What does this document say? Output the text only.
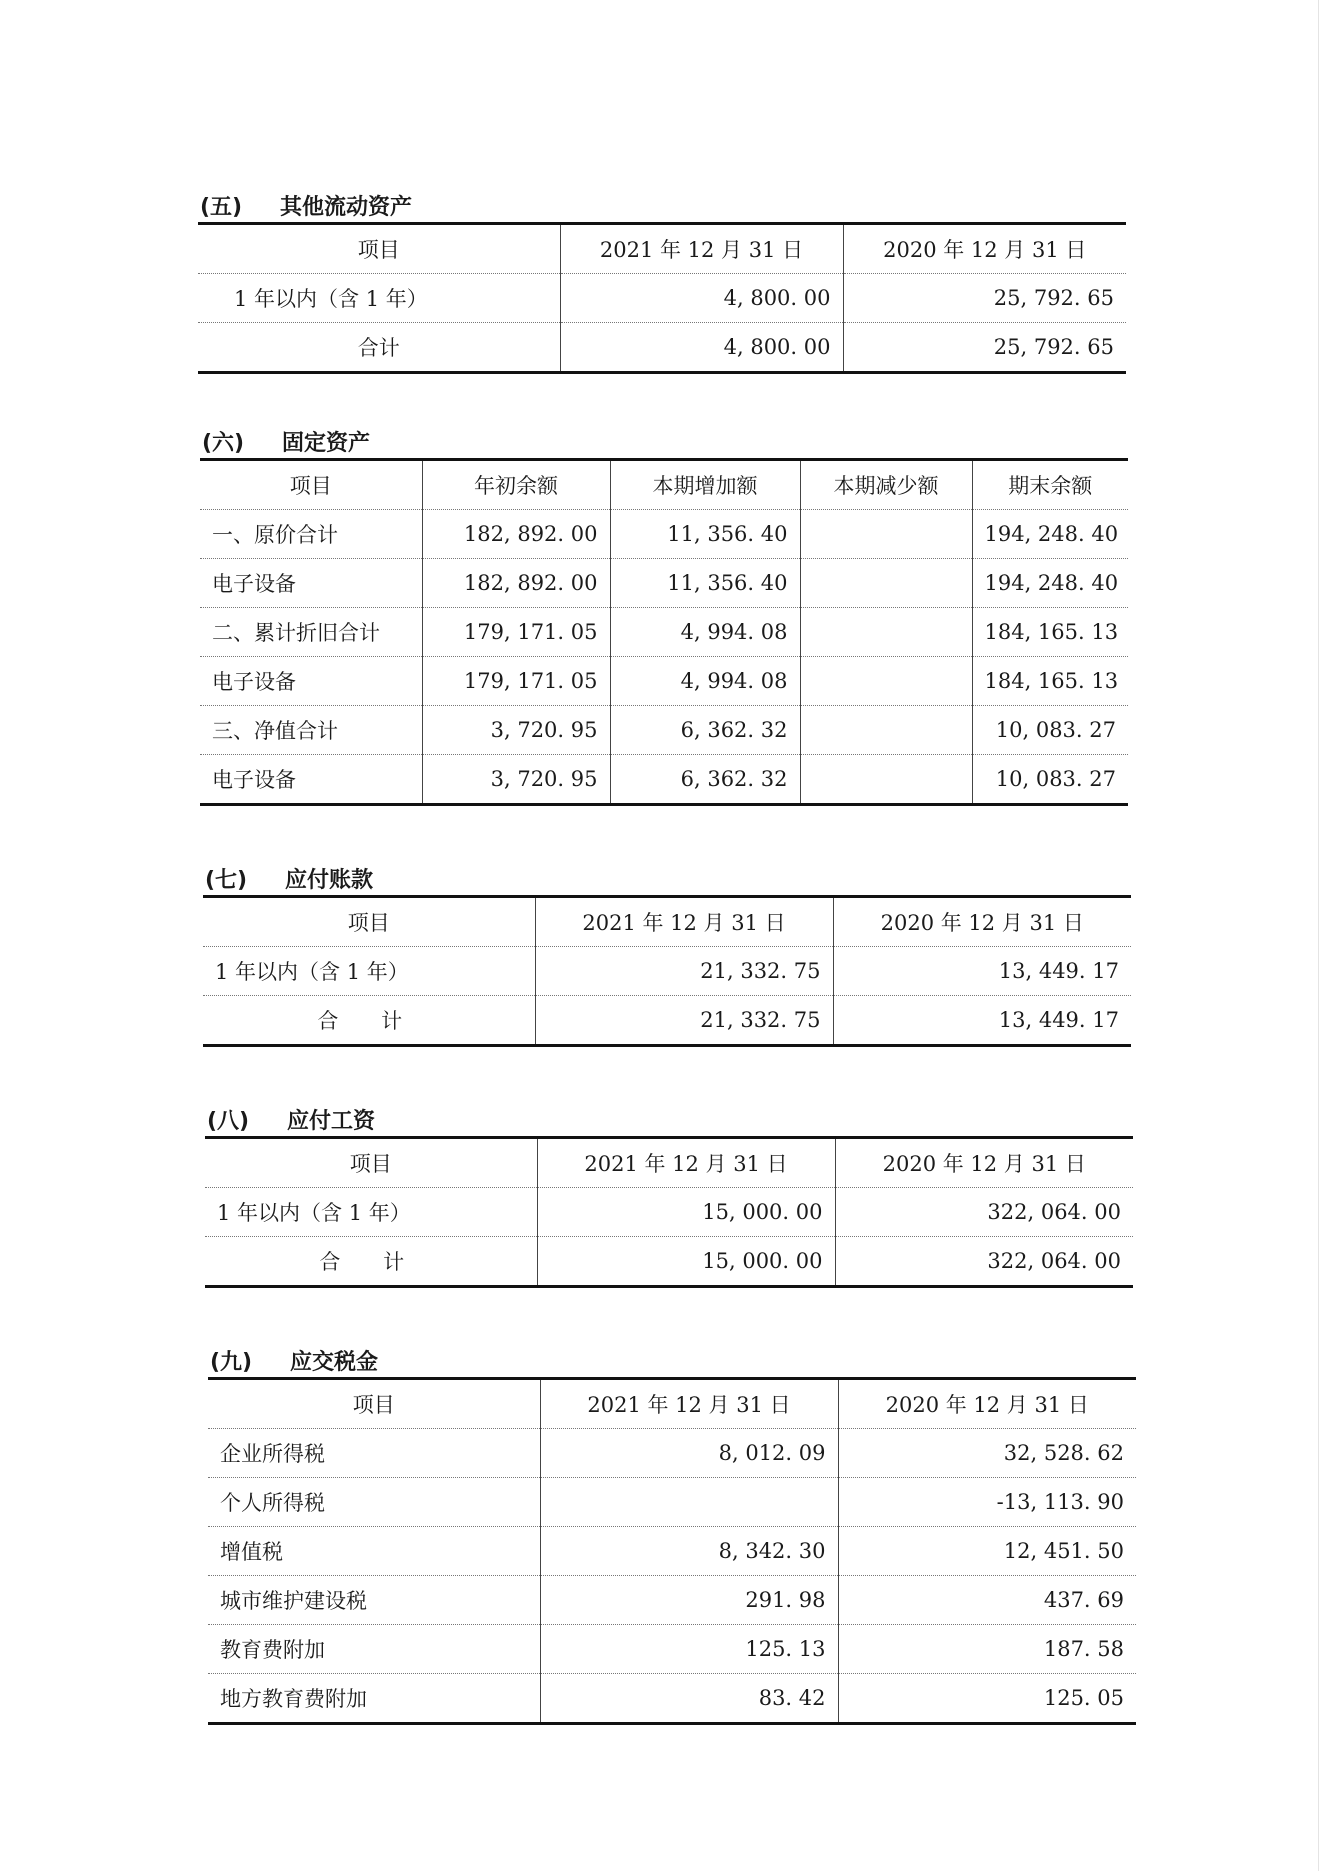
(五) 其他流动资产
项目	2021 年 12 月 31 日	2020 年 12 月 31 日
1 年以内（含 1 年）	4, 800. 00	25, 792. 65
合计	4, 800. 00	25, 792. 65
(六) 固定资产
项目	年初余额	本期增加额	本期减少额	期末余额
一、原价合计	182, 892. 00	11, 356. 40		194, 248. 40
电子设备	182, 892. 00	11, 356. 40		194, 248. 40
二、累计折旧合计	179, 171. 05	4, 994. 08		184, 165. 13
电子设备	179, 171. 05	4, 994. 08		184, 165. 13
三、净值合计	3, 720. 95	6, 362. 32		10, 083. 27
电子设备	3, 720. 95	6, 362. 32		10, 083. 27
(七) 应付账款
项目	2021 年 12 月 31 日	2020 年 12 月 31 日
1 年以内（含 1 年）	21, 332. 75	13, 449. 17
合 计	21, 332. 75	13, 449. 17
(八) 应付工资
项目	2021 年 12 月 31 日	2020 年 12 月 31 日
1 年以内（含 1 年）	15, 000. 00	322, 064. 00
合 计	15, 000. 00	322, 064. 00
(九) 应交税金
项目	2021 年 12 月 31 日	2020 年 12 月 31 日
企业所得税	8, 012. 09	32, 528. 62
个人所得税		-13, 113. 90
增值税	8, 342. 30	12, 451. 50
城市维护建设税	291. 98	437. 69
教育费附加	125. 13	187. 58
地方教育费附加	83. 42	125. 05
